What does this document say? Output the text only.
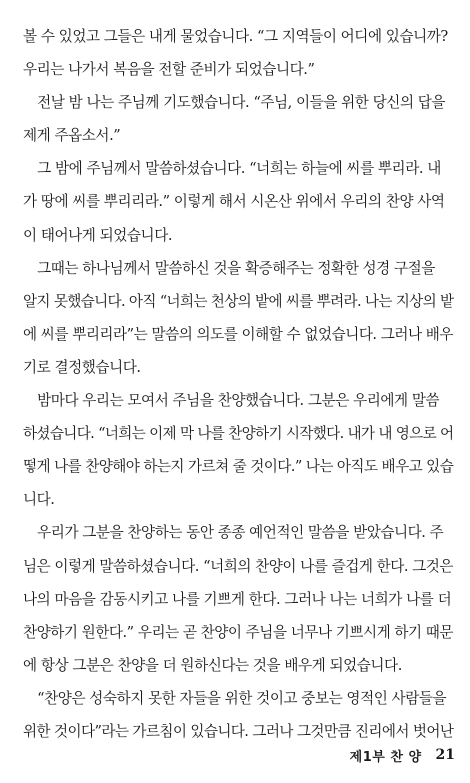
볼 수 있었고 그들은 내게 물었습니다. “그 지역들이 어디에 있습니까?
우리는 나가서 복음을 전할 준비가 되었습니다.”
　전날 밤 나는 주님께 기도했습니다. “주님, 이들을 위한 당신의 답을
제게 주옵소서.”
　그 밤에 주님께서 말씀하셨습니다. “너희는 하늘에 씨를 뿌리라. 내
가 땅에 씨를 뿌리리라.” 이렇게 해서 시온산 위에서 우리의 찬양 사역
이 태어나게 되었습니다.
　그때는 하나님께서 말씀하신 것을 확증해주는 정확한 성경 구절을
알지 못했습니다. 아직 “너희는 천상의 밭에 씨를 뿌려라. 나는 지상의 밭
에 씨를 뿌리리라”는 말씀의 의도를 이해할 수 없었습니다. 그러나 배우
기로 결정했습니다.
　밤마다 우리는 모여서 주님을 찬양했습니다. 그분은 우리에게 말씀
하셨습니다. “너희는 이제 막 나를 찬양하기 시작했다. 내가 내 영으로 어
떻게 나를 찬양해야 하는지 가르쳐 줄 것이다.” 나는 아직도 배우고 있습
니다.
　우리가 그분을 찬양하는 동안 종종 예언적인 말씀을 받았습니다. 주
님은 이렇게 말씀하셨습니다. “너희의 찬양이 나를 즐겁게 한다. 그것은
나의 마음을 감동시키고 나를 기쁘게 한다. 그러나 나는 너희가 나를 더
찬양하기 원한다.” 우리는 곧 찬양이 주님을 너무나 기쁘시게 하기 때문
에 항상 그분은 찬양을 더 원하신다는 것을 배우게 되었습니다.
　“찬양은 성숙하지 못한 자들을 위한 것이고 중보는 영적인 사람들을
위한 것이다”라는 가르침이 있습니다. 그러나 그것만큼 진리에서 벗어난
제1부 찬 양 21
